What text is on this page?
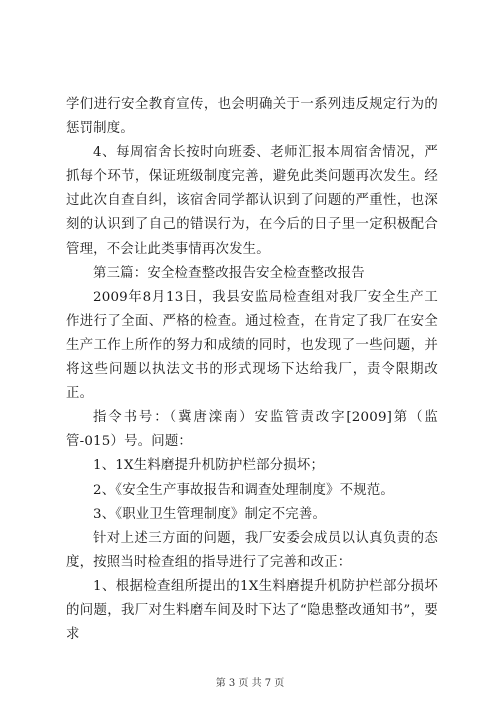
学们进行安全教育宣传，也会明确关于一系列违反规定行为的惩罚制度。

4、每周宿舍长按时向班委、老师汇报本周宿舍情况，严抓每个环节，保证班级制度完善，避免此类问题再次发生。经过此次自查自纠，该宿舍同学都认识到了问题的严重性，也深刻的认识到了自己的错误行为，在今后的日子里一定积极配合管理，不会让此类事情再次发生。

第三篇：安全检查整改报告安全检查整改报告

2009年8月13日，我县安监局检查组对我厂安全生产工作进行了全面、严格的检查。通过检查，在肯定了我厂在安全生产工作上所作的努力和成绩的同时，也发现了一些问题，并将这些问题以执法文书的形式现场下达给我厂，责令限期改正。

指令书号：（冀唐滦南）安监管责改字[2009]第（监管-015）号。问题：

1、1X生料磨提升机防护栏部分损坏；

2、《安全生产事故报告和调查处理制度》不规范。

3、《职业卫生管理制度》制定不完善。

针对上述三方面的问题，我厂安委会成员以认真负责的态度，按照当时检查组的指导进行了完善和改正：

1、根据检查组所提出的1X生料磨提升机防护栏部分损坏的问题，我厂对生料磨车间及时下达了“隐患整改通知书”，要求

第 3 页 共 7 页
